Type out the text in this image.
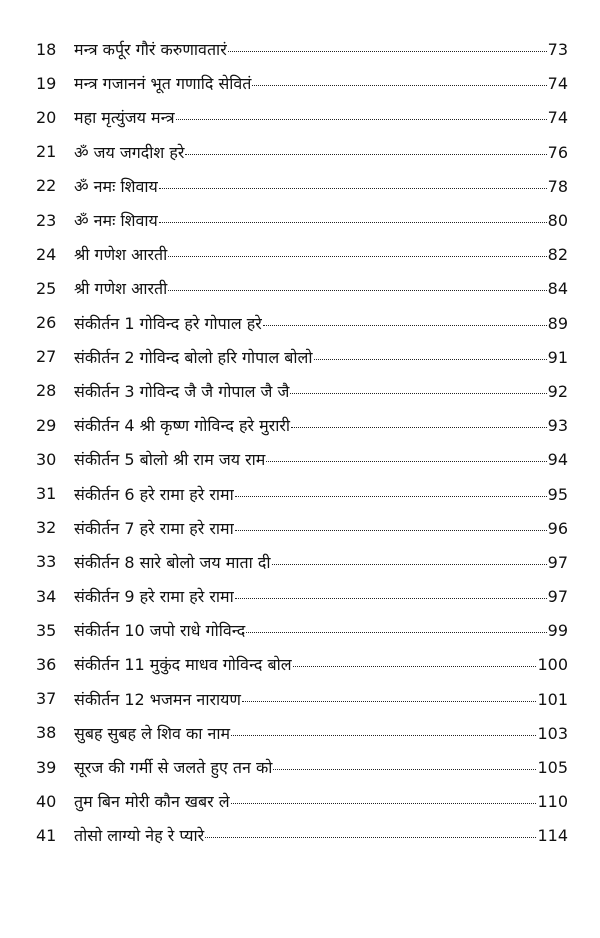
18	मन्त्र कर्पूर गौरं करुणावतारं	73
19	मन्त्र गजाननं भूत गणादि सेवितं	74
20	महा मृत्युंजय मन्त्र	74
21	ॐ जय जगदीश हरे	76
22	ॐ नमः शिवाय	78
23	ॐ नमः शिवाय	80
24	श्री गणेश आरती	82
25	श्री गणेश आरती	84
26	संकीर्तन 1 गोविन्द हरे गोपाल हरे	89
27	संकीर्तन 2 गोविन्द बोलो हरि गोपाल बोलो	91
28	संकीर्तन 3 गोविन्द जै जै गोपाल जै जै	92
29	संकीर्तन 4 श्री कृष्ण गोविन्द हरे मुरारी	93
30	संकीर्तन 5 बोलो श्री राम जय राम	94
31	संकीर्तन 6 हरे रामा हरे रामा	95
32	संकीर्तन 7 हरे रामा हरे रामा	96
33	संकीर्तन 8 सारे बोलो जय माता दी	97
34	संकीर्तन 9 हरे रामा हरे रामा	97
35	संकीर्तन 10 जपो राधे गोविन्द	99
36	संकीर्तन 11 मुकुंद माधव गोविन्द बोल	100
37	संकीर्तन 12 भजमन नारायण	101
38	सुबह सुबह ले शिव का नाम	103
39	सूरज की गर्मी से जलते हुए तन को	105
40	तुम बिन मोरी कौन खबर ले	110
41	तोसो लाग्यो नेह रे प्यारे	114
